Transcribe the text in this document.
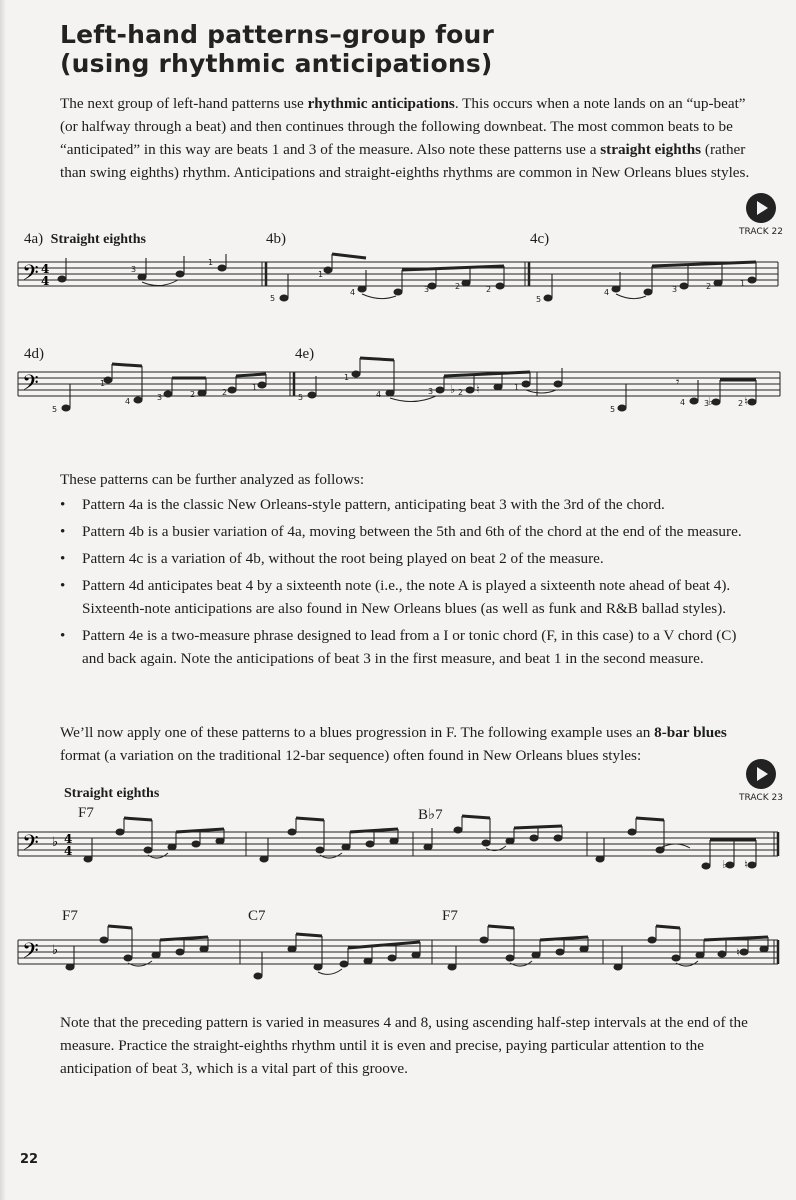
Left-hand patterns–group four
(using rhythmic anticipations)
The next group of left-hand patterns use rhythmic anticipations. This occurs when a note lands on an “up-beat” (or halfway through a beat) and then continues through the following downbeat. The most common beats to be “anticipated” in this way are beats 1 and 3 of the measure. Also note these patterns use a straight eighths (rather than swing eighths) rhythm. Anticipations and straight-eighths rhythms are common in New Orleans blues styles.
TRACK 22
4a) Straight eighths	4b)	4c)
𝄢 4
4
3
1
5
1
4	3	2	2
5
4	3	2	1
4d)	4e)
𝄢	𝄾
5
1
4	3	2	2
1
5
1
4	3	2
1
5
4 3	2
♭ ♮
♭	♮
These patterns can be further analyzed as follows:
• Pattern 4a is the classic New Orleans-style pattern, anticipating beat 3 with the 3rd of the chord.
• Pattern 4b is a busier variation of 4a, moving between the 5th and 6th of the chord at the end of the measure.
• Pattern 4c is a variation of 4b, without the root being played on beat 2 of the measure.
• Pattern 4d anticipates beat 4 by a sixteenth note (i.e., the note A is played a sixteenth note ahead of beat 4). Sixteenth-note anticipations are also found in New Orleans blues (as well as funk and R&B ballad styles).
• Pattern 4e is a two-measure phrase designed to lead from a I or tonic chord (F, in this case) to a V chord (C) and back again. Note the anticipations of beat 3 in the first measure, and beat 1 in the second measure.
We’ll now apply one of these patterns to a blues progression in F. The following example uses an 8-bar blues format (a variation on the traditional 12-bar sequence) often found in New Orleans blues styles:
TRACK 23
Straight eighths
F7	B♭7
𝄢 ♭ 4
4
♭ ♮
F7	C7	F7
𝄢 ♭	♮
Note that the preceding pattern is varied in measures 4 and 8, using ascending half-step intervals at the end of the measure. Practice the straight-eighths rhythm until it is even and precise, paying particular attention to the anticipation of beat 3, which is a vital part of this groove.
22
